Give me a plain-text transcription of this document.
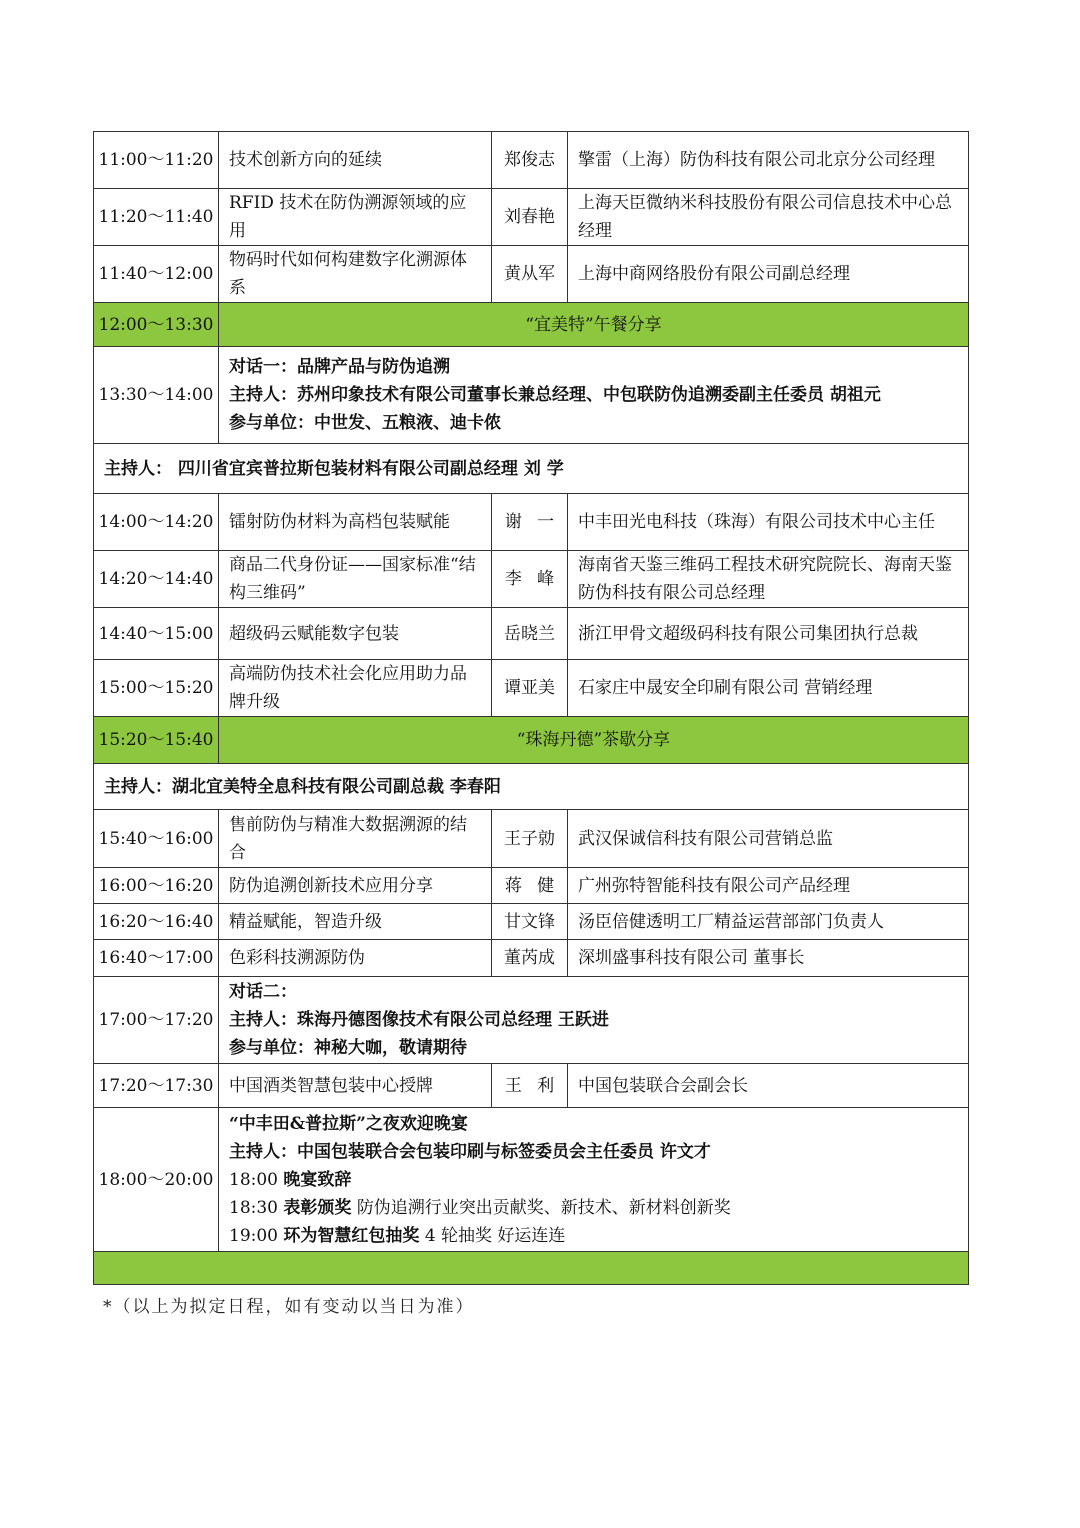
11:00～11:20	技术创新方向的延续	郑俊志	擎雷（上海）防伪科技有限公司北京分公司经理
11:20～11:40	RFID 技术在防伪溯源领域的应用	刘春艳	上海天臣微纳米科技股份有限公司信息技术中心总经理
11:40～12:00	物码时代如何构建数字化溯源体系	黄从军	上海中商网络股份有限公司副总经理
12:00～13:30	“宜美特”午餐分享		
13:30～14:00	对话一：品牌产品与防伪追溯
主持人：苏州印象技术有限公司董事长兼总经理、中包联防伪追溯委副主任委员 胡祖元
参与单位：中世发、五粮液、迪卡侬		

主持人： 四川省宜宾普拉斯包装材料有限公司副总经理 刘 学			
14:00～14:20	镭射防伪材料为高档包装赋能	谢一	中丰田光电科技（珠海）有限公司技术中心主任
14:20～14:40	商品二代身份证——国家标准“结构三维码”	李峰	海南省天鉴三维码工程技术研究院院长、海南天鉴防伪科技有限公司总经理
14:40～15:00	超级码云赋能数字包装	岳晓兰	浙江甲骨文超级码科技有限公司集团执行总裁
15:00～15:20	高端防伪技术社会化应用助力品牌升级	谭亚美	石家庄中晟安全印刷有限公司 营销经理
15:20～15:40	“珠海丹德”茶歇分享		
主持人：湖北宜美特全息科技有限公司副总裁 李春阳			
15:40～16:00	售前防伪与精准大数据溯源的结合	王子勍	武汉保诚信科技有限公司营销总监
16:00～16:20	防伪追溯创新技术应用分享	蒋健	广州弥特智能科技有限公司产品经理
16:20～16:40	精益赋能，智造升级	甘文锋	汤臣倍健透明工厂精益运营部部门负责人
16:40～17:00	色彩科技溯源防伪	董芮成	深圳盛事科技有限公司 董事长
17:00～17:20	对话二：
主持人：珠海丹德图像技术有限公司总经理 王跃进
参与单位：神秘大咖，敬请期待		

17:20～17:30	中国酒类智慧包装中心授牌	王利	中国包装联合会副会长
18:00～20:00	“中丰田&普拉斯”之夜欢迎晚宴
主持人：中国包装联合会包装印刷与标签委员会主任委员 许文才
18:00 晚宴致辞
18:30 表彰颁奖 防伪追溯行业突出贡献奖、新技术、新材料创新奖
19:00 环为智慧红包抽奖 4 轮抽奖 好运连连		

*（以上为拟定日程，如有变动以当日为准）
